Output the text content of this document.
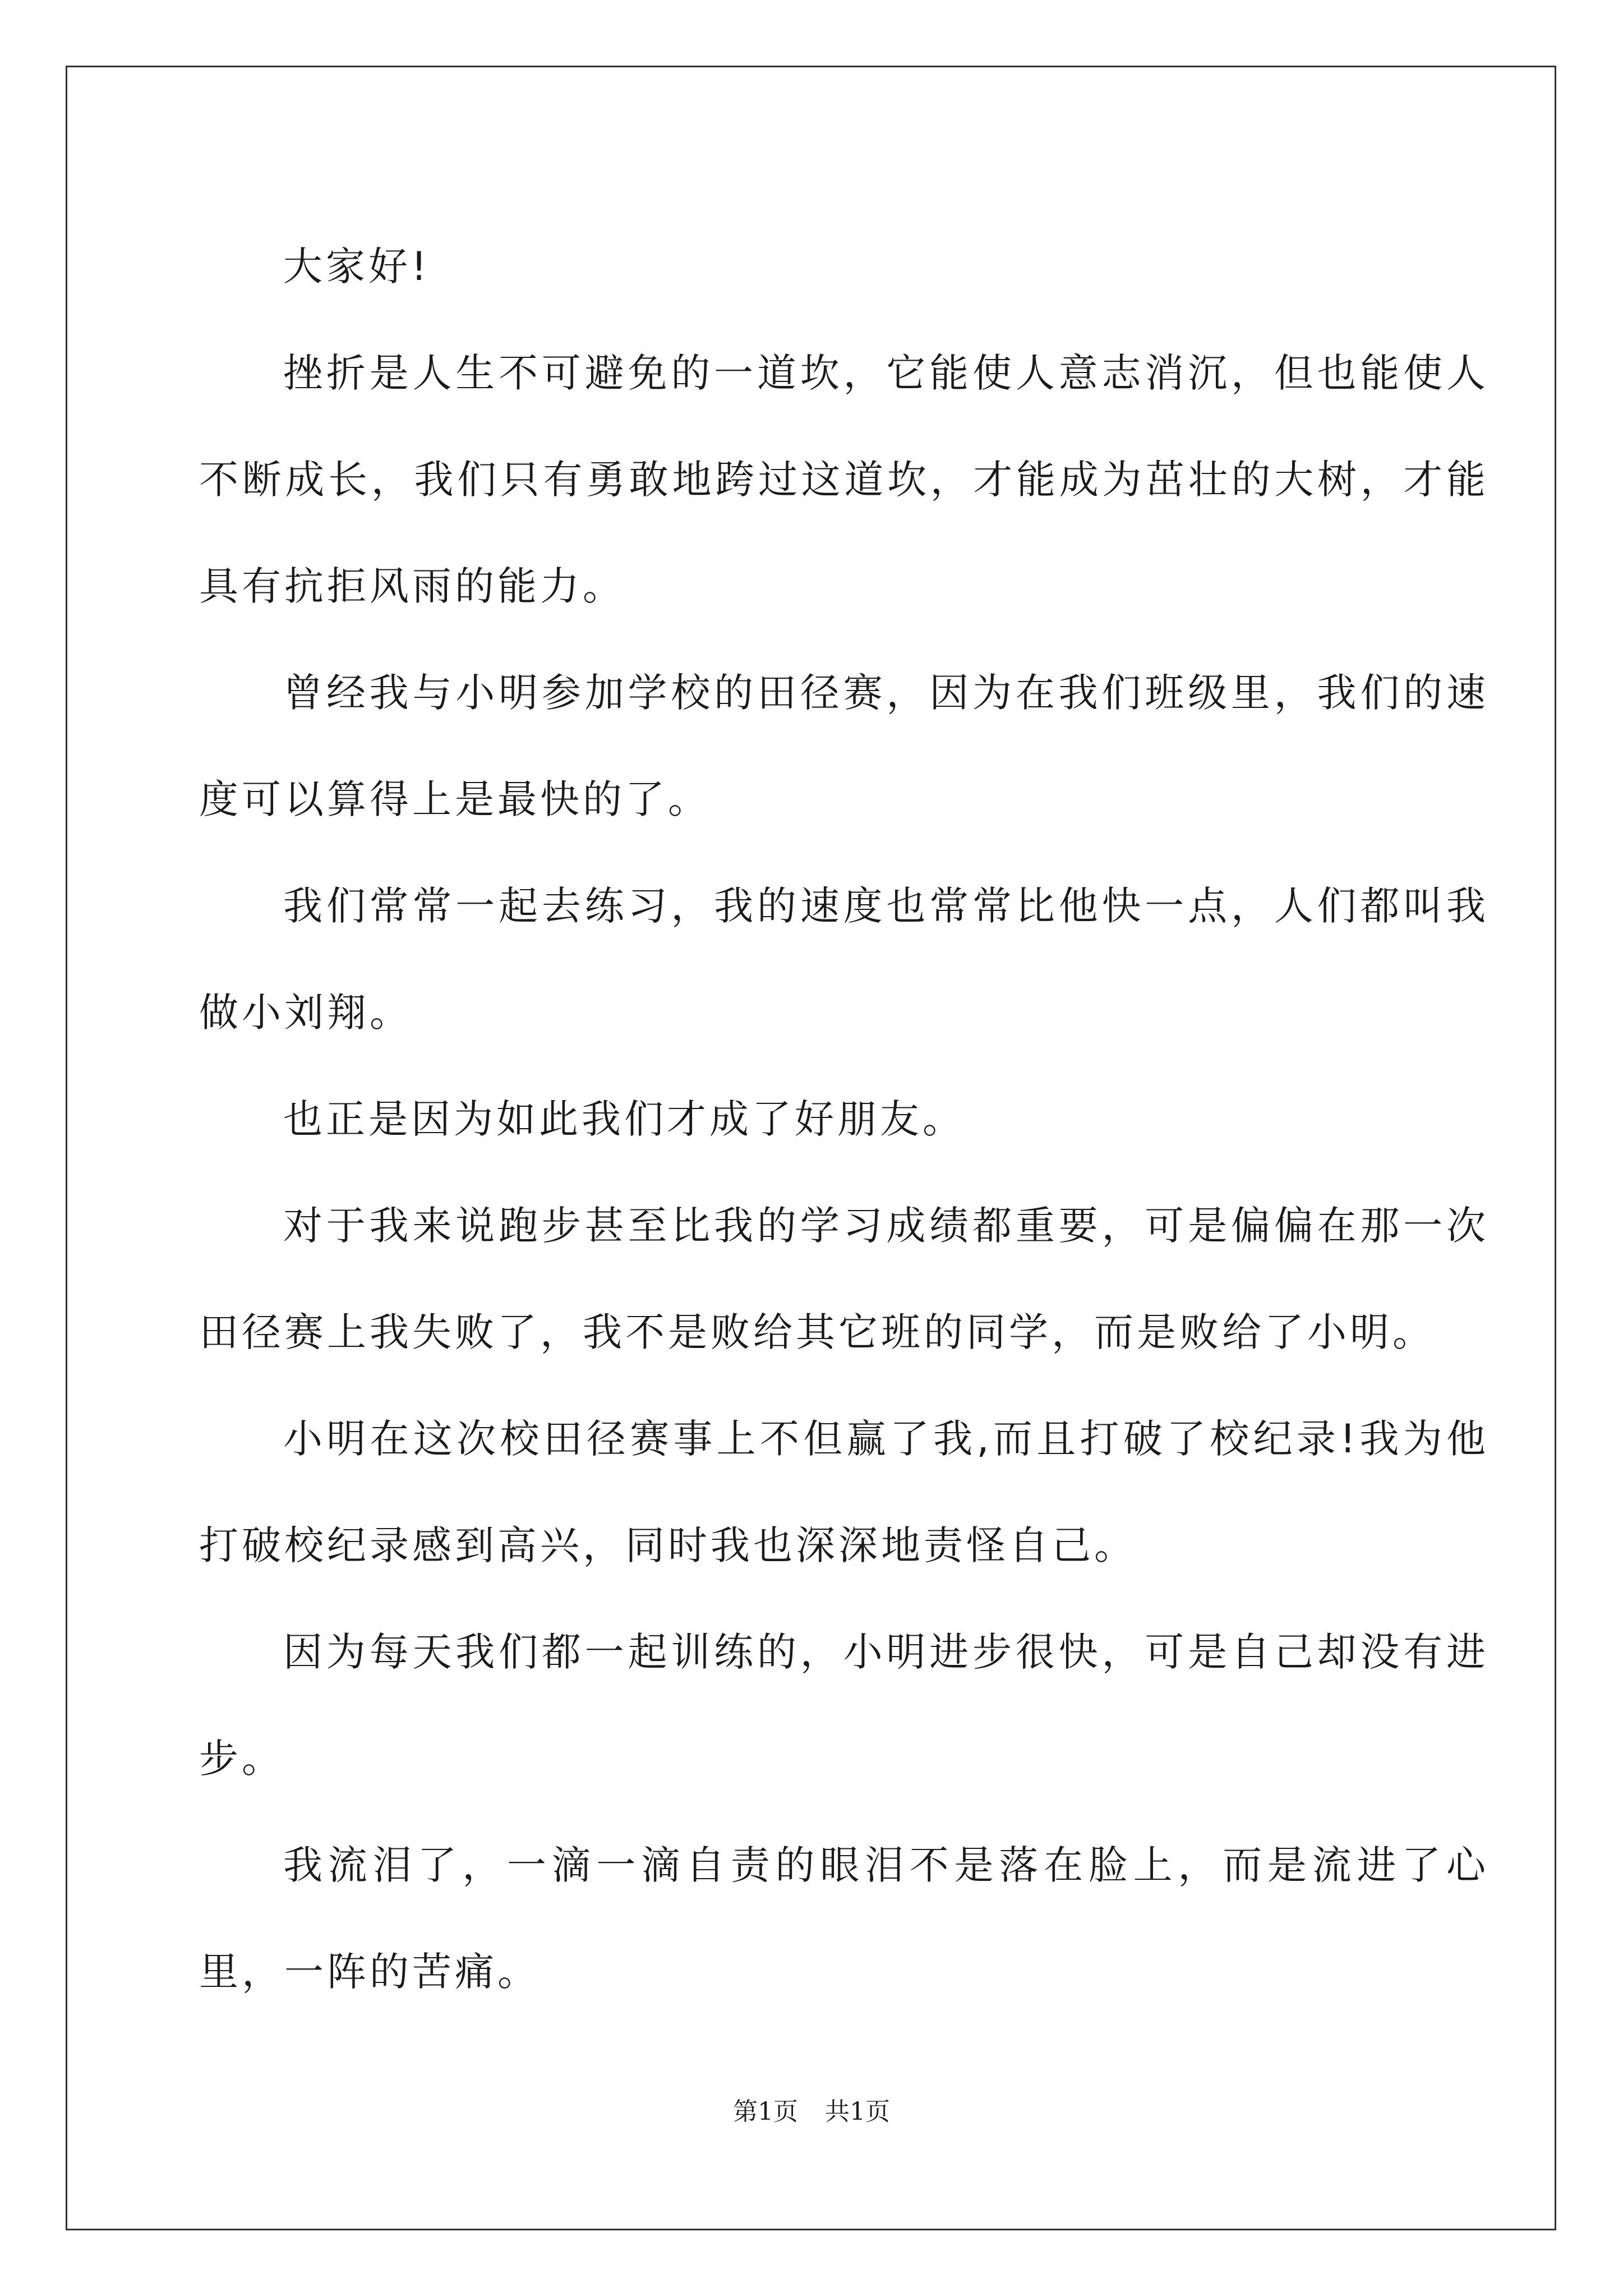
大家好!

挫折是人生不可避免的一道坎，它能使人意志消沉，但也能使人不断成长，我们只有勇敢地跨过这道坎，才能成为茁壮的大树，才能具有抗拒风雨的能力。

曾经我与小明参加学校的田径赛，因为在我们班级里，我们的速度可以算得上是最快的了。

我们常常一起去练习，我的速度也常常比他快一点，人们都叫我做小刘翔。

也正是因为如此我们才成了好朋友。

对于我来说跑步甚至比我的学习成绩都重要，可是偏偏在那一次田径赛上我失败了，我不是败给其它班的同学，而是败给了小明。

小明在这次校田径赛事上不但赢了我,而且打破了校纪录!我为他打破校纪录感到高兴，同时我也深深地责怪自己。

因为每天我们都一起训练的，小明进步很快，可是自己却没有进步。

我流泪了，一滴一滴自责的眼泪不是落在脸上，而是流进了心里，一阵的苦痛。

第1页 共1页
